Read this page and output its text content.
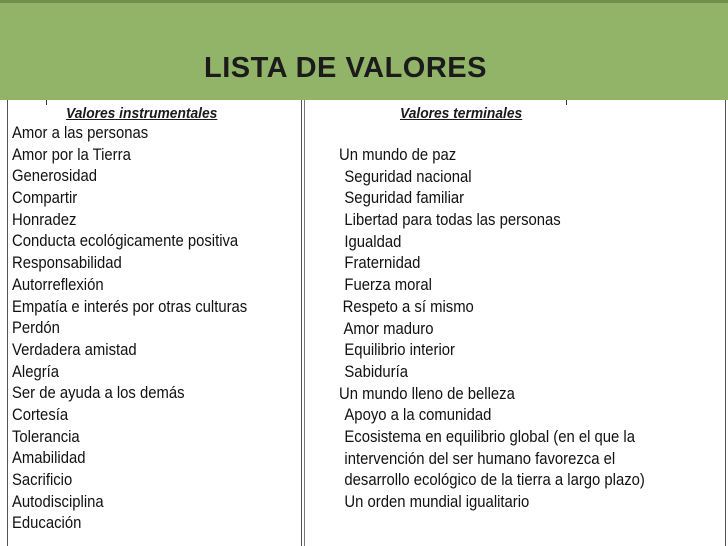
LISTA DE VALORES
Valores instrumentales	Valores terminales
Amor a las personas
Amor por la Tierra
Generosidad
Compartir
Honradez
Conducta ecológicamente positiva
Responsabilidad
Autorreflexión
Empatía e interés por otras culturas
Perdón
Verdadera amistad
Alegría
Ser de ayuda a los demás
Cortesía
Tolerancia
Amabilidad
Sacrificio
Autodisciplina
Educación
Un mundo de paz
Seguridad nacional
Seguridad familiar
Libertad para todas las personas
Igualdad
Fraternidad
Fuerza moral
Respeto a sí mismo
Amor maduro
Equilibrio interior
Sabiduría
Un mundo lleno de belleza
Apoyo a la comunidad
Ecosistema en equilibrio global (en el que la
intervención del ser humano favorezca el
desarrollo ecológico de la tierra a largo plazo)
Un orden mundial igualitario
